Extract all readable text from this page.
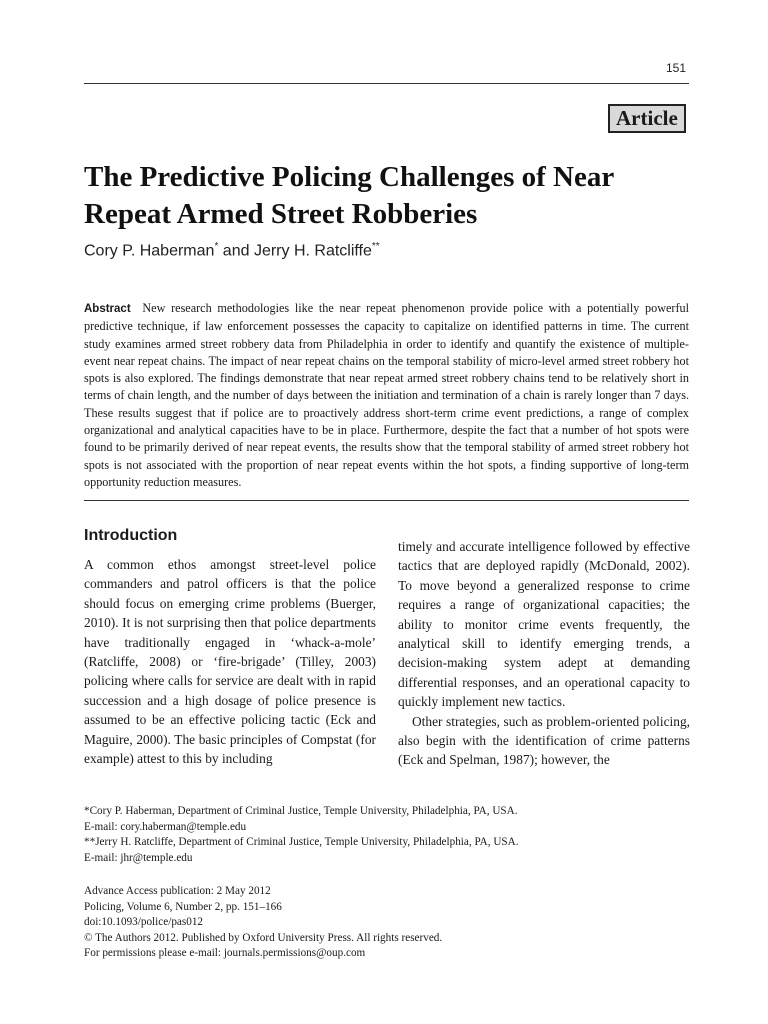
151
Article
The Predictive Policing Challenges of Near Repeat Armed Street Robberies
Cory P. Haberman* and Jerry H. Ratcliffe**

Abstract New research methodologies like the near repeat phenomenon provide police with a potentially powerful predictive technique, if law enforcement possesses the capacity to capitalize on identified patterns in time. The current study examines armed street robbery data from Philadelphia in order to identify and quantify the existence of multiple-event near repeat chains. The impact of near repeat chains on the temporal stability of micro-level armed street robbery hot spots is also explored. The findings demonstrate that near repeat armed street robbery chains tend to be relatively short in terms of chain length, and the number of days between the initiation and termination of a chain is rarely longer than 7 days. These results suggest that if police are to proactively address short-term crime event predictions, a range of complex organizational and analytical capacities have to be in place. Furthermore, despite the fact that a number of hot spots were found to be primarily derived of near repeat events, the results show that the temporal stability of armed street robbery hot spots is not associated with the proportion of near repeat events within the hot spots, a finding supportive of long-term opportunity reduction measures.

Introduction

A common ethos amongst street-level police commanders and patrol officers is that the police should focus on emerging crime problems (Buerger, 2010). It is not surprising then that police departments have traditionally engaged in ‘whack-a-mole’ (Ratcliffe, 2008) or ‘fire-brigade’ (Tilley, 2003) policing where calls for service are dealt with in rapid succession and a high dosage of police presence is assumed to be an effective policing tactic (Eck and Maguire, 2000). The basic principles of Compstat (for example) attest to this by including

timely and accurate intelligence followed by effective tactics that are deployed rapidly (McDonald, 2002). To move beyond a generalized response to crime requires a range of organizational capacities; the ability to monitor crime events frequently, the analytical skill to identify emerging trends, a decision-making system adept at demanding differential responses, and an operational capacity to quickly implement new tactics.

Other strategies, such as problem-oriented policing, also begin with the identification of crime patterns (Eck and Spelman, 1987); however, the

*Cory P. Haberman, Department of Criminal Justice, Temple University, Philadelphia, PA, USA.
E-mail: cory.haberman@temple.edu
**Jerry H. Ratcliffe, Department of Criminal Justice, Temple University, Philadelphia, PA, USA.
E-mail: jhr@temple.edu
Advance Access publication: 2 May 2012
Policing, Volume 6, Number 2, pp. 151–166
doi:10.1093/police/pas012
© The Authors 2012. Published by Oxford University Press. All rights reserved.
For permissions please e-mail: journals.permissions@oup.com
